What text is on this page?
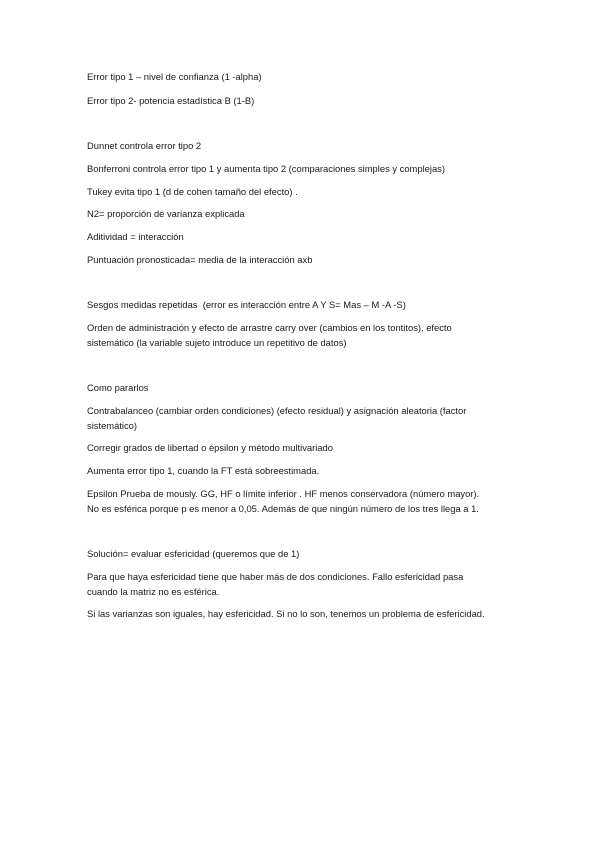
Error tipo 1 – nivel de confianza (1 -alpha)

Error tipo 2- potencia estadística B (1-B)

Dunnet controla error tipo 2

Bonferroni controla error tipo 1 y aumenta tipo 2 (comparaciones simples y complejas)

Tukey evita tipo 1 (d de cohen tamaño del efecto) .

N2= proporción de varianza explicada

Aditividad = interacción

Puntuación pronosticada= media de la interacción axb

Sesgos medidas repetidas  (error es interacción entre A Y S= Mas – M -A -S)

Orden de administración y efecto de arrastre carry over (cambios en los tontitos), efecto

sistemático (la variable sujeto introduce un repetitivo de datos)

Como pararlos

Contrabalanceo (cambiar orden condiciones) (efecto residual) y asignación aleatoria (factor

sistemático)

Corregir grados de libertad o épsilon y método multivariado

Aumenta error tipo 1, cuando la FT está sobreestimada.

Epsilon Prueba de mously. GG, HF o límite inferior . HF menos conservadora (número mayor).

No es esférica porque p es menor a 0,05. Además de que ningún número de los tres llega a 1.

Solución= evaluar esfericidad (queremos que de 1)

Para que haya esfericidad tiene que haber más de dos condiciones. Fallo esfericidad pasa

cuando la matriz no es esférica.

Si las varianzas son iguales, hay esfericidad. Si no lo son, tenemos un problema de esfericidad.
